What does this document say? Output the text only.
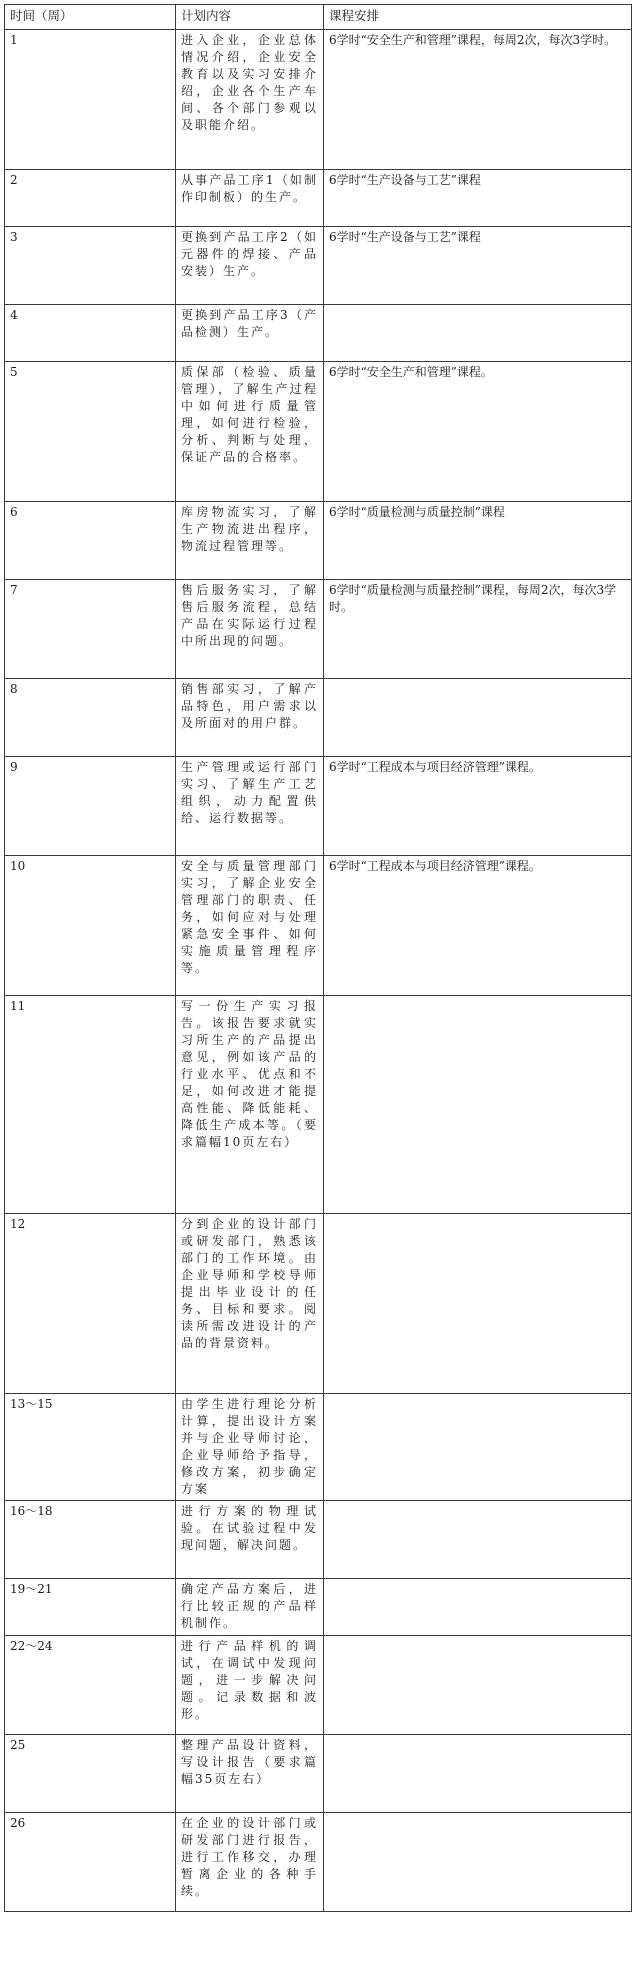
时间（周）	计划内容	课程安排
1	进入企业，企业总体情况介绍，企业安全教育以及实习安排介绍，企业各个生产车间、各个部门参观以及职能介绍。	6学时“安全生产和管理”课程，每周2次，每次3学时。
2	从事产品工序1（如制作印制板）的生产。	6学时“生产设备与工艺”课程
3	更换到产品工序2（如元器件的焊接、产品安装）生产。	6学时“生产设备与工艺”课程
4	更换到产品工序3（产品检测）生产。	
5	质保部（检验、质量管理），了解生产过程中如何进行质量管理，如何进行检验，分析、判断与处理，保证产品的合格率。	6学时“安全生产和管理”课程。
6	库房物流实习，了解生产物流进出程序，物流过程管理等。	6学时“质量检测与质量控制”课程
7	售后服务实习，了解售后服务流程，总结产品在实际运行过程中所出现的问题。	6学时“质量检测与质量控制”课程，每周2次，每次3学时。
8	销售部实习，了解产品特色，用户需求以及所面对的用户群。	
9	生产管理或运行部门实习、了解生产工艺组织，动力配置供给、运行数据等。	6学时“工程成本与项目经济管理”课程。
10	安全与质量管理部门实习，了解企业安全管理部门的职责、任务，如何应对与处理紧急安全事件、如何实施质量管理程序等。	6学时“工程成本与项目经济管理”课程。
11	写一份生产实习报告。该报告要求就实习所生产的产品提出意见，例如该产品的行业水平、优点和不足，如何改进才能提高性能、降低能耗、降低生产成本等。（要求篇幅10页左右）	
12	分到企业的设计部门或研发部门，熟悉该部门的工作环境。由企业导师和学校导师提出毕业设计的任务、目标和要求。阅读所需改进设计的产品的背景资料。	
13～15	由学生进行理论分析计算，提出设计方案并与企业导师讨论，企业导师给予指导，修改方案，初步确定方案	
16～18	进行方案的物理试验。在试验过程中发现问题，解决问题。	
19～21	确定产品方案后，进行比较正规的产品样机制作。	
22～24	进行产品样机的调试，在调试中发现问题，进一步解决问题。记录数据和波形。	
25	整理产品设计资料，写设计报告（要求篇幅35页左右）	
26	在企业的设计部门或研发部门进行报告，进行工作移交，办理暂离企业的各种手续。	
